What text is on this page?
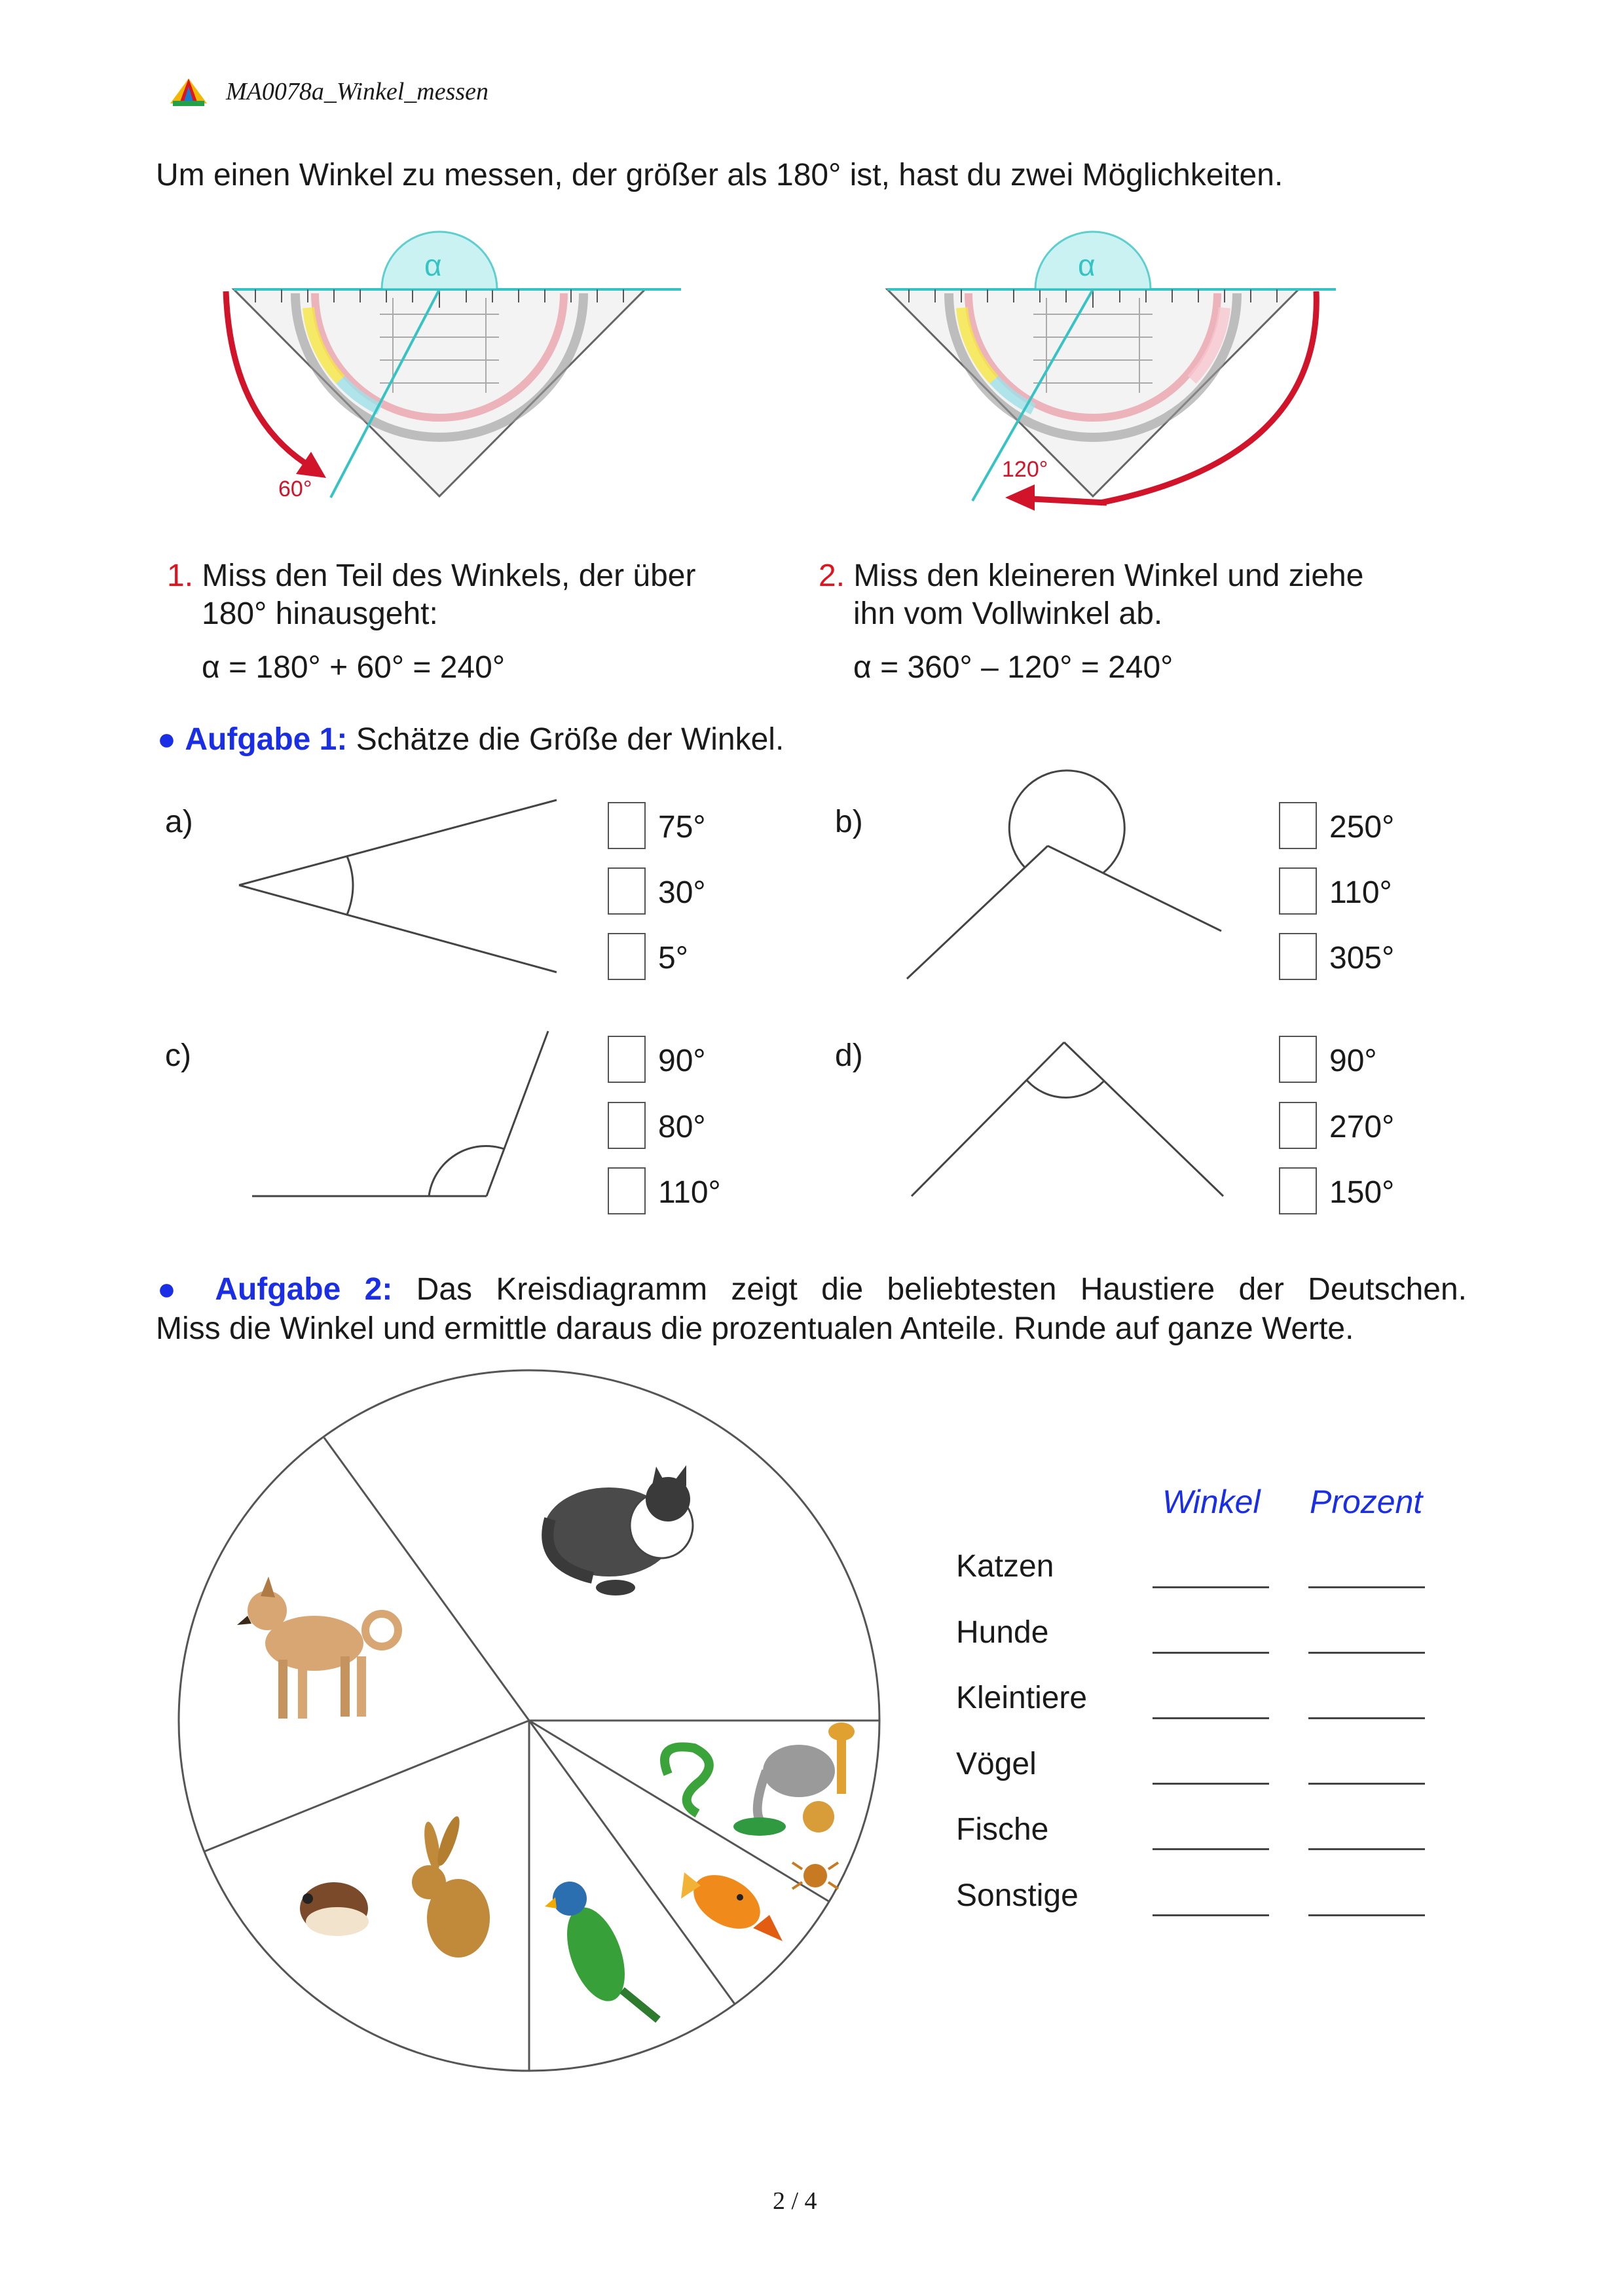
MA0078a_Winkel_messen
Um einen Winkel zu messen, der größer als 180° ist, hast du zwei Möglichkeiten.
α	α
60°
120°
1. Miss den Teil des Winkels, der über
180° hinausgeht:
α = 180° + 60° = 240°
2. Miss den kleineren Winkel und ziehe
ihn vom Vollwinkel ab.
α = 360° – 120° = 240°
● Aufgabe 1: Schätze die Größe der Winkel.
a)	b)
c)	d)
75°
30°
5°
250°
110°
305°
90°
80°
110°
90°
270°
150°
● Aufgabe 2: Das Kreisdiagramm zeigt die beliebtesten Haustiere der Deutschen.
Miss die Winkel und ermittle daraus die prozentualen Anteile. Runde auf ganze Werte.
Winkel Prozent
Katzen
Hunde
Kleintiere
Vögel
Fische
Sonstige
2 / 4
